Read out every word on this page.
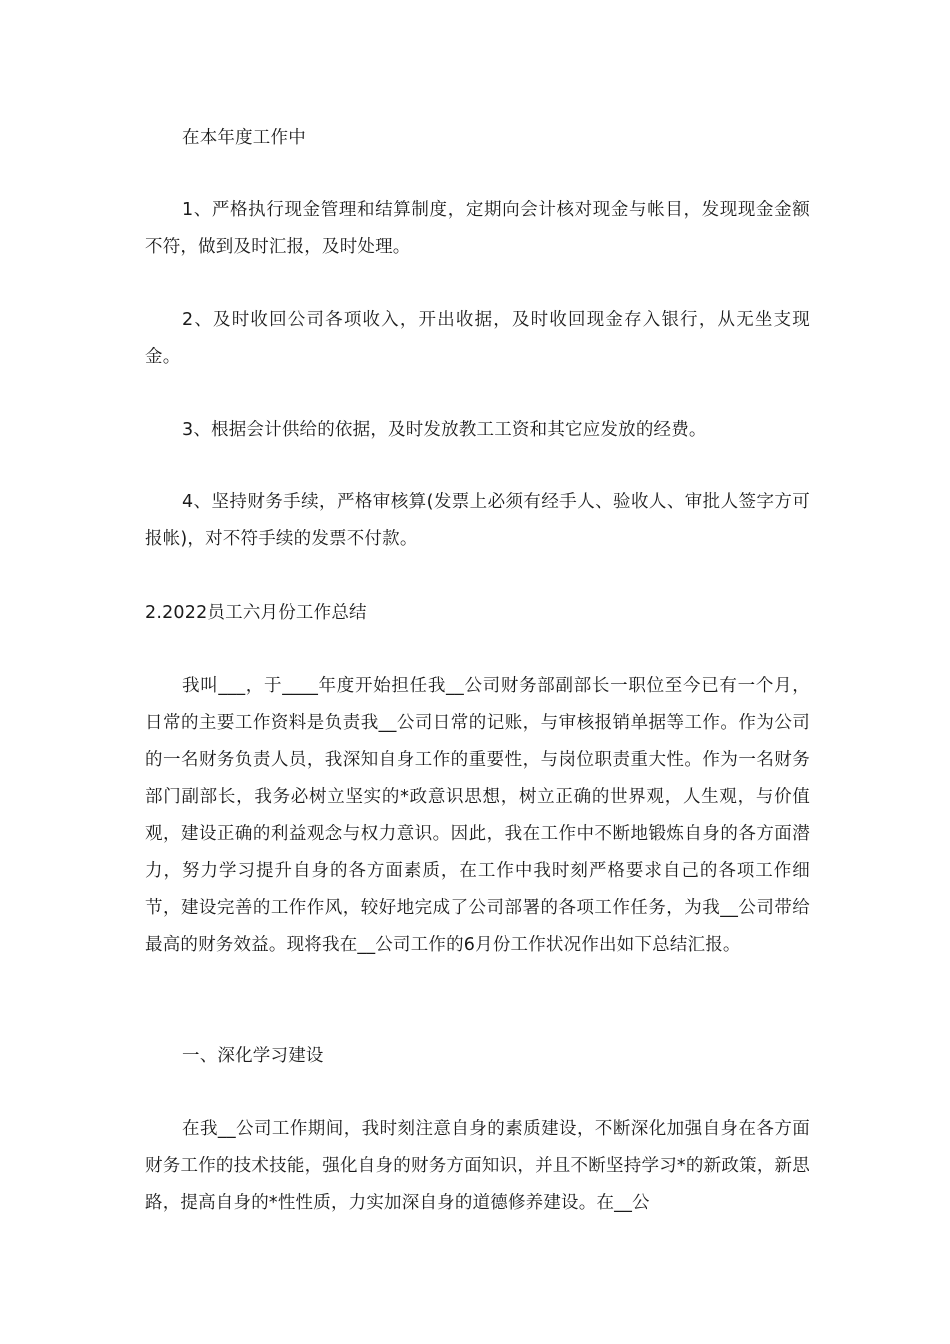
在本年度工作中

1、严格执行现金管理和结算制度，定期向会计核对现金与帐目，发现现金金额不符，做到及时汇报，及时处理。

2、及时收回公司各项收入，开出收据，及时收回现金存入银行，从无坐支现金。

3、根据会计供给的依据，及时发放教工工资和其它应发放的经费。

4、坚持财务手续，严格审核算(发票上必须有经手人、验收人、审批人签字方可报帐)，对不符手续的发票不付款。

2.2022员工六月份工作总结

我叫___，于____年度开始担任我__公司财务部副部长一职位至今已有一个月，日常的主要工作资料是负责我__公司日常的记账，与审核报销单据等工作。作为公司的一名财务负责人员，我深知自身工作的重要性，与岗位职责重大性。作为一名财务部门副部长，我务必树立坚实的*政意识思想，树立正确的世界观，人生观，与价值观，建设正确的利益观念与权力意识。因此，我在工作中不断地锻炼自身的各方面潜力，努力学习提升自身的各方面素质，在工作中我时刻严格要求自己的各项工作细节，建设完善的工作作风，较好地完成了公司部署的各项工作任务，为我__公司带给最高的财务效益。现将我在__公司工作的6月份工作状况作出如下总结汇报。

一、深化学习建设

在我__公司工作期间，我时刻注意自身的素质建设，不断深化加强自身在各方面财务工作的技术技能，强化自身的财务方面知识，并且不断坚持学习*的新政策，新思路，提高自身的*性性质，力实加深自身的道德修养建设。在__公
